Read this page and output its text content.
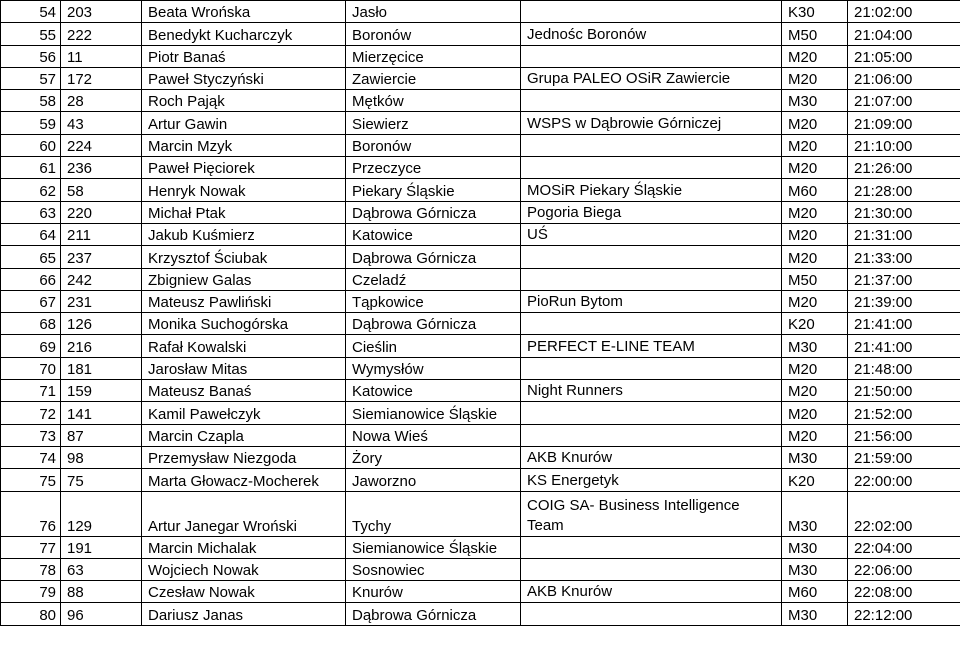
54	203	Beata Wrońska	Jasło		K30	21:02:00
55	222	Benedykt Kucharczyk	Boronów	Jednośc Boronów	M50	21:04:00
56	11	Piotr Banaś	Mierzęcice		M20	21:05:00
57	172	Paweł Styczyński	Zawiercie	Grupa PALEO OSiR Zawiercie	M20	21:06:00
58	28	Roch Pająk	Mętków		M30	21:07:00
59	43	Artur Gawin	Siewierz	WSPS w Dąbrowie Górniczej	M20	21:09:00
60	224	Marcin Mzyk	Boronów		M20	21:10:00
61	236	Paweł Pięciorek	Przeczyce		M20	21:26:00
62	58	Henryk Nowak	Piekary Śląskie	MOSiR Piekary Śląskie	M60	21:28:00
63	220	Michał Ptak	Dąbrowa Górnicza	Pogoria Biega	M20	21:30:00
64	211	Jakub Kuśmierz	Katowice	UŚ	M20	21:31:00
65	237	Krzysztof Ściubak	Dąbrowa Górnicza		M20	21:33:00
66	242	Zbigniew Galas	Czeladź		M50	21:37:00
67	231	Mateusz Pawliński	Tąpkowice	PioRun Bytom	M20	21:39:00
68	126	Monika Suchogórska	Dąbrowa Górnicza		K20	21:41:00
69	216	Rafał Kowalski	Cieślin	PERFECT E-LINE TEAM	M30	21:41:00
70	181	Jarosław Mitas	Wymysłów		M20	21:48:00
71	159	Mateusz Banaś	Katowice	Night Runners	M20	21:50:00
72	141	Kamil Pawełczyk	Siemianowice Śląskie		M20	21:52:00
73	87	Marcin Czapla	Nowa Wieś		M20	21:56:00
74	98	Przemysław Niezgoda	Żory	AKB Knurów	M30	21:59:00
75	75	Marta Głowacz-Mocherek	Jaworzno	KS Energetyk	K20	22:00:00
76	129	Artur Janegar Wroński	Tychy	COIG SA- Business Intelligence Team	M30	22:02:00
77	191	Marcin Michalak	Siemianowice Śląskie		M30	22:04:00
78	63	Wojciech Nowak	Sosnowiec		M30	22:06:00
79	88	Czesław Nowak	Knurów	AKB Knurów	M60	22:08:00
80	96	Dariusz Janas	Dąbrowa Górnicza		M30	22:12:00
